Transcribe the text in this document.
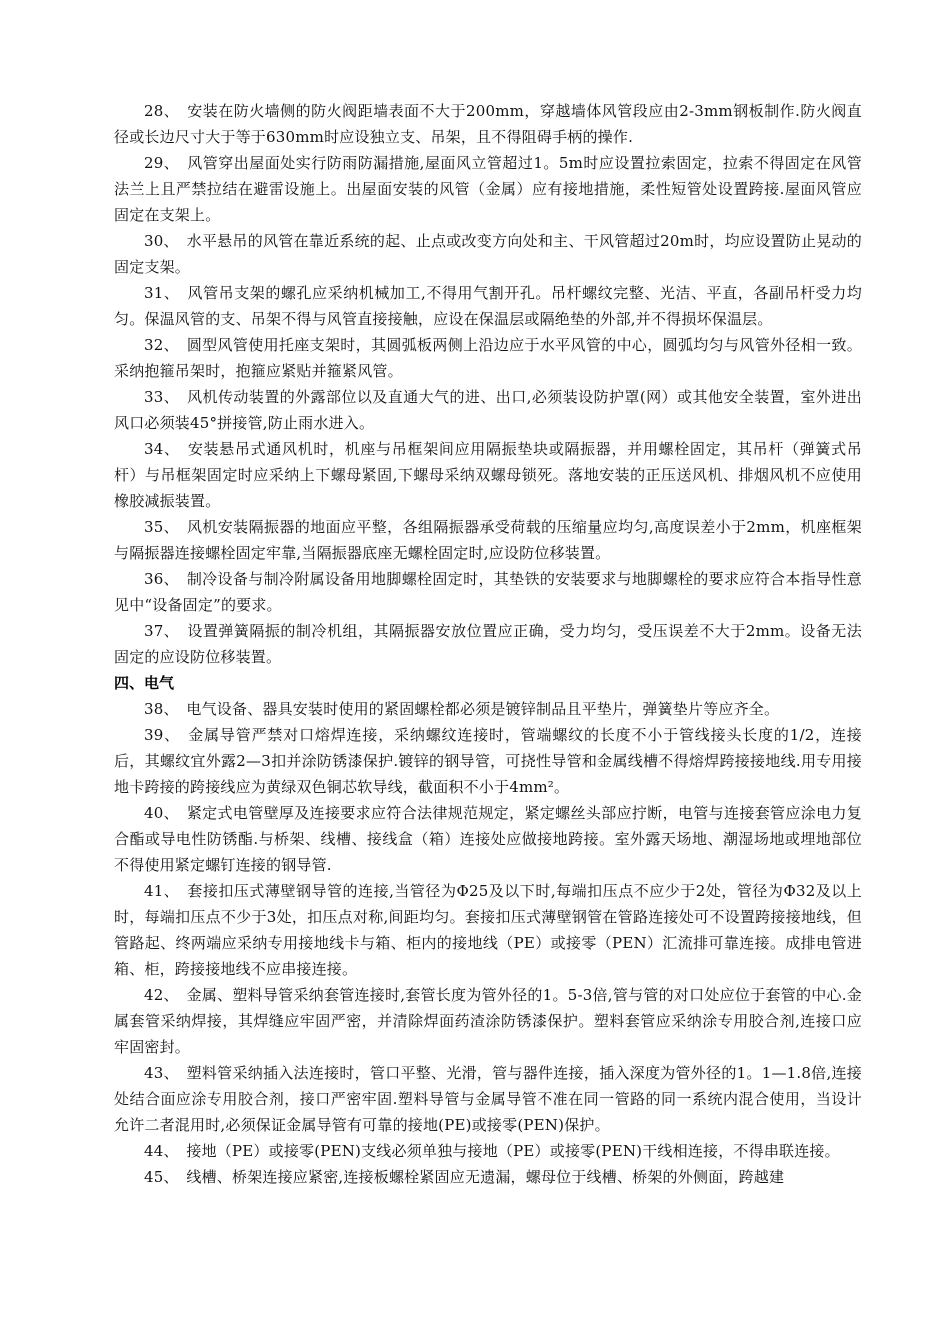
28、　安装在防火墙侧的防火阀距墙表面不大于200mm，穿越墙体风管段应由2-3mm钢板制作.防火阀直径或长边尺寸大于等于630mm时应设独立支、吊架，且不得阻碍手柄的操作.

29、　风管穿出屋面处实行防雨防漏措施,屋面风立管超过1。5m时应设置拉索固定，拉索不得固定在风管法兰上且严禁拉结在避雷设施上。出屋面安装的风管（金属）应有接地措施，柔性短管处设置跨接.屋面风管应固定在支架上。

30、　水平悬吊的风管在靠近系统的起、止点或改变方向处和主、干风管超过20m时，均应设置防止晃动的固定支架。

31、　风管吊支架的螺孔应采纳机械加工,不得用气割开孔。吊杆螺纹完整、光洁、平直，各副吊杆受力均匀。保温风管的支、吊架不得与风管直接接触，应设在保温层或隔绝垫的外部,并不得损坏保温层。

32、　圆型风管使用托座支架时，其圆弧板两侧上沿边应于水平风管的中心，圆弧均匀与风管外径相一致。采纳抱箍吊架时，抱箍应紧贴并箍紧风管。

33、　风机传动装置的外露部位以及直通大气的进、出口,必须装设防护罩(网）或其他安全装置，室外进出风口必须装45°拼接管,防止雨水进入。

34、　安装悬吊式通风机时，机座与吊框架间应用隔振垫块或隔振器，并用螺栓固定，其吊杆（弹簧式吊杆）与吊框架固定时应采纳上下螺母紧固,下螺母采纳双螺母锁死。落地安装的正压送风机、排烟风机不应使用橡胶减振装置。

35、　风机安装隔振器的地面应平整，各组隔振器承受荷载的压缩量应均匀,高度误差小于2mm，机座框架与隔振器连接螺栓固定牢靠,当隔振器底座无螺栓固定时,应设防位移装置。

36、　制冷设备与制冷附属设备用地脚螺栓固定时，其垫铁的安装要求与地脚螺栓的要求应符合本指导性意见中“设备固定”的要求。

37、　设置弹簧隔振的制冷机组，其隔振器安放位置应正确，受力均匀，受压误差不大于2mm。设备无法固定的应设防位移装置。

四、电气

38、　电气设备、器具安装时使用的紧固螺栓都必须是镀锌制品且平垫片，弹簧垫片等应齐全。

39、　金属导管严禁对口熔焊连接，采纳螺纹连接时，管端螺纹的长度不小于管线接头长度的1/2，连接后，其螺纹宜外露2—3扣并涂防锈漆保护.镀锌的钢导管，可挠性导管和金属线槽不得熔焊跨接接地线.用专用接地卡跨接的跨接线应为黄绿双色铜芯软导线，截面积不小于4mm²。

40、　紧定式电管壁厚及连接要求应符合法律规范规定，紧定螺丝头部应拧断，电管与连接套管应涂电力复合酯或导电性防锈酯.与桥架、线槽、接线盒（箱）连接处应做接地跨接。室外露天场地、潮湿场地或埋地部位不得使用紧定螺钉连接的钢导管.

41、　套接扣压式薄壁钢导管的连接,当管径为Φ25及以下时,每端扣压点不应少于2处，管径为Φ32及以上时，每端扣压点不少于3处，扣压点对称,间距均匀。套接扣压式薄壁钢管在管路连接处可不设置跨接接地线，但管路起、终两端应采纳专用接地线卡与箱、柜内的接地线（PE）或接零（PEN）汇流排可靠连接。成排电管进箱、柜，跨接接地线不应串接连接。

42、　金属、塑料导管采纳套管连接时,套管长度为管外径的1。5-3倍,管与管的对口处应位于套管的中心.金属套管采纳焊接，其焊缝应牢固严密，并清除焊面药渣涂防锈漆保护。塑料套管应采纳涂专用胶合剂,连接口应牢固密封。

43、　塑料管采纳插入法连接时，管口平整、光滑，管与器件连接，插入深度为管外径的1。1—1.8倍,连接处结合面应涂专用胶合剂，接口严密牢固.塑料导管与金属导管不准在同一管路的同一系统内混合使用，当设计允许二者混用时,必须保证金属导管有可靠的接地(PE)或接零(PEN)保护。

44、　接地（PE）或接零(PEN)支线必须单独与接地（PE）或接零(PEN)干线相连接，不得串联连接。

45、　线槽、桥架连接应紧密,连接板螺栓紧固应无遗漏，螺母位于线槽、桥架的外侧面，跨越建
